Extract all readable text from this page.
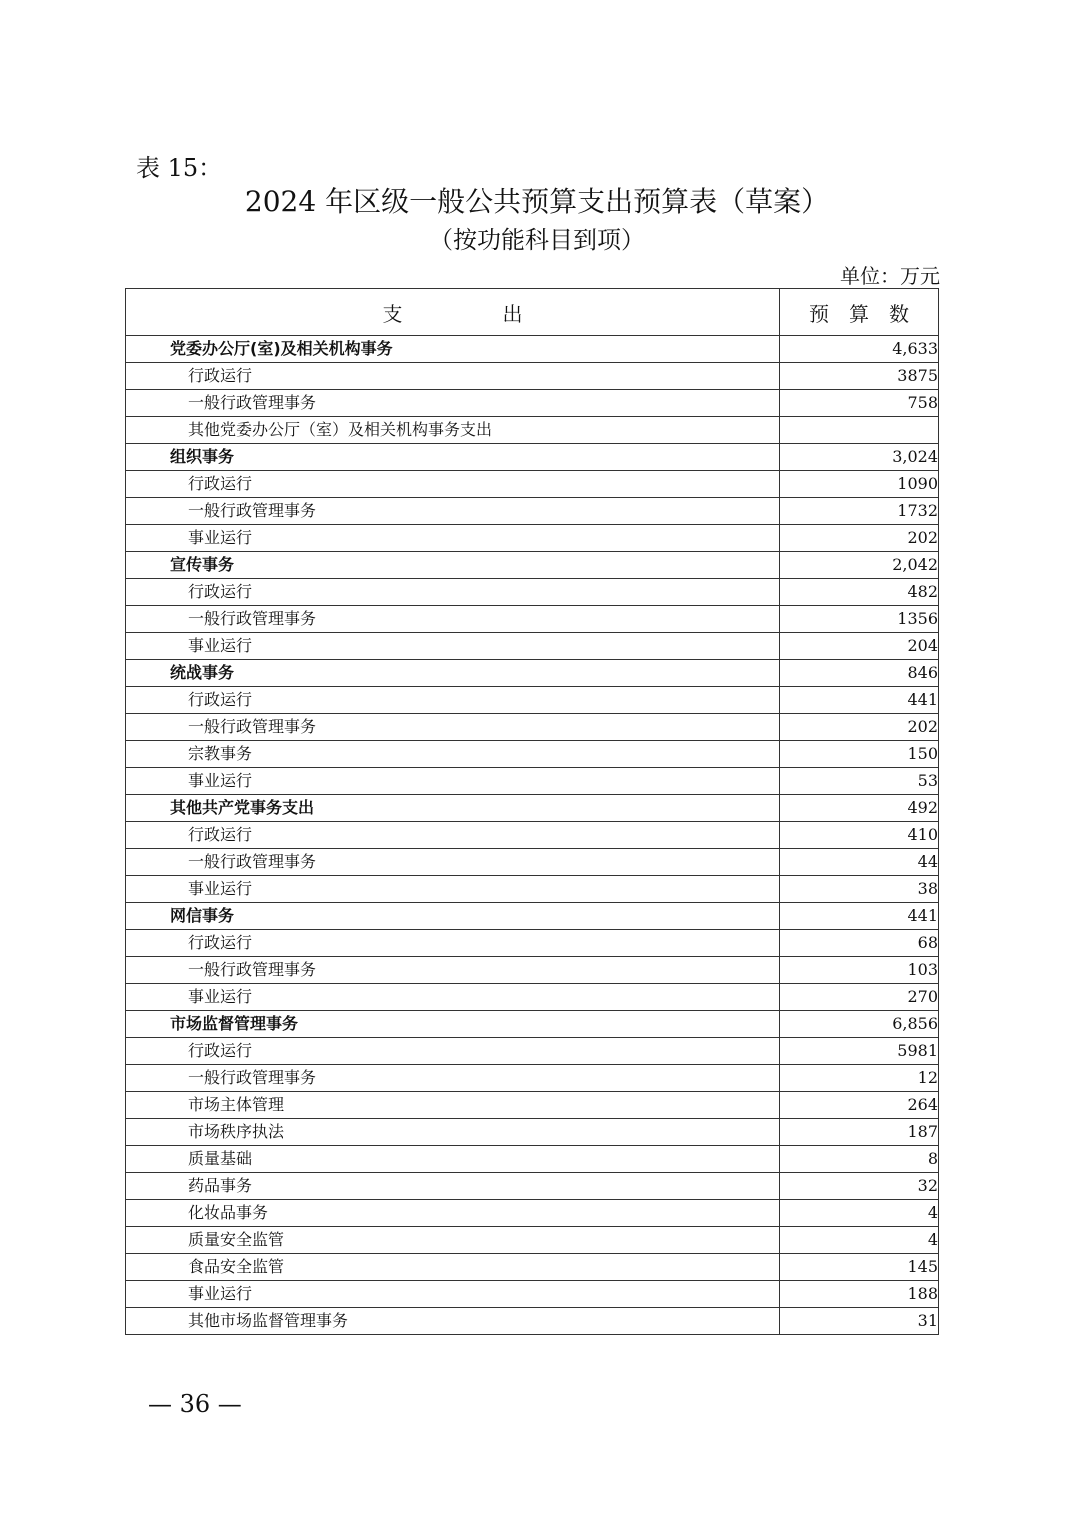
表 15：
2024 年区级一般公共预算支出预算表（草案）
（按功能科目到项）
单位：万元
支　　　　　出	预　算　数
党委办公厅(室)及相关机构事务	4,633
行政运行	3875
一般行政管理事务	758
其他党委办公厅（室）及相关机构事务支出	
组织事务	3,024
行政运行	1090
一般行政管理事务	1732
事业运行	202
宣传事务	2,042
行政运行	482
一般行政管理事务	1356
事业运行	204
统战事务	846
行政运行	441
一般行政管理事务	202
宗教事务	150
事业运行	53
其他共产党事务支出	492
行政运行	410
一般行政管理事务	44
事业运行	38
网信事务	441
行政运行	68
一般行政管理事务	103
事业运行	270
市场监督管理事务	6,856
行政运行	5981
一般行政管理事务	12
市场主体管理	264
市场秩序执法	187
质量基础	8
药品事务	32
化妆品事务	4
质量安全监管	4
食品安全监管	145
事业运行	188
其他市场监督管理事务	31
— 36 —
